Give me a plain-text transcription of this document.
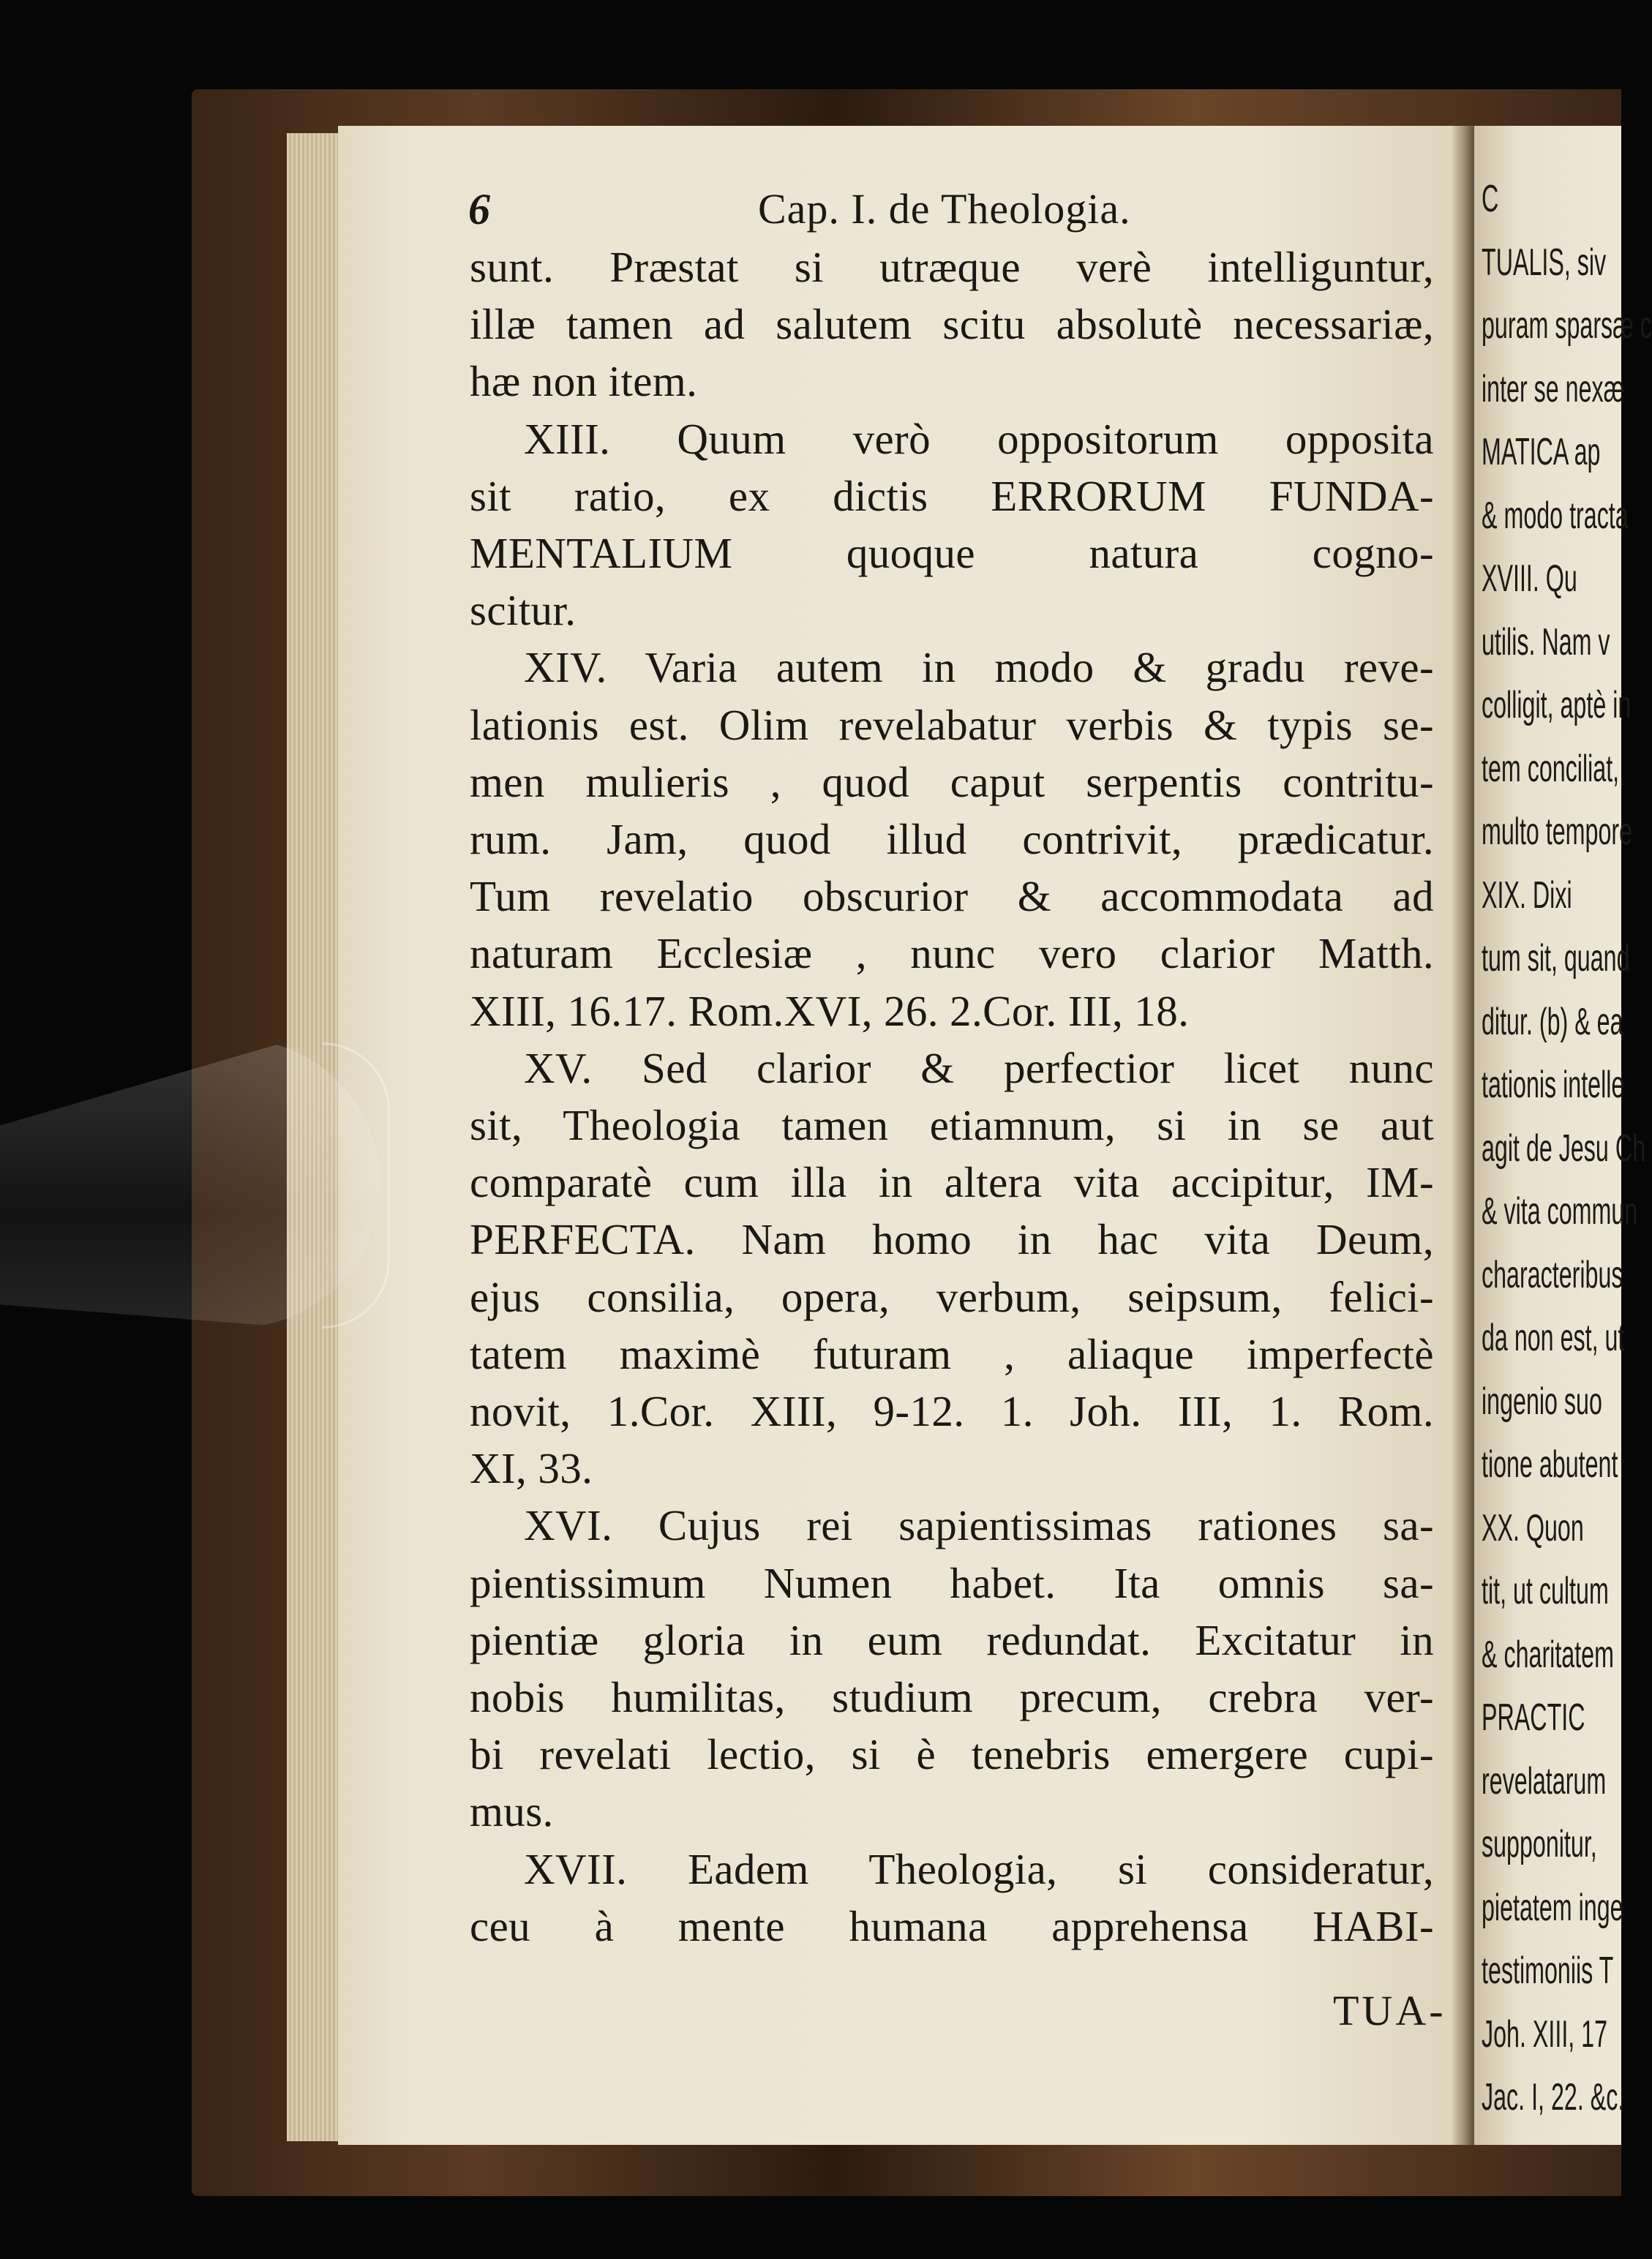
C
TUALIS, siv
puram sparsæ c
inter se nexæ
MATICA ap
& modo tracta
XVIII. Qu
utilis. Nam v
colligit, aptè in
tem conciliat,
multo tempore
XIX. Dixi
tum sit, quand
ditur. (b) & ea
tationis intelle
agit de Jesu Ch
& vita commun
characteribus
da non est, ut
ingenio suo
tione abutent
XX. Quon
tit, ut cultum
& charitatem
PRACTIC
revelatarum
supponitur,
pietatem inge
testimoniis T
Joh. XIII, 17
Jac. I, 22. &c.
6	Cap. I. de Theologia.
sunt. Præstat si utræque verè intelliguntur,
illæ tamen ad salutem scitu absolutè necessariæ,
hæ non item.
XIII. Quum verò oppositorum opposita
sit ratio, ex dictis ERRORUM FUNDA-
MENTALIUM quoque natura cogno-
scitur.
XIV. Varia autem in modo & gradu reve-
lationis est. Olim revelabatur verbis & typis se-
men mulieris , quod caput serpentis contritu-
rum. Jam, quod illud contrivit, prædicatur.
Tum revelatio obscurior & accommodata ad
naturam Ecclesiæ , nunc vero clarior Matth.
XIII, 16.17. Rom.XVI, 26. 2.Cor. III, 18.
XV. Sed clarior & perfectior licet nunc
sit, Theologia tamen etiamnum, si in se aut
comparatè cum illa in altera vita accipitur, IM-
PERFECTA. Nam homo in hac vita Deum,
ejus consilia, opera, verbum, seipsum, felici-
tatem maximè futuram , aliaque imperfectè
novit, 1.Cor. XIII, 9-12. 1. Joh. III, 1. Rom.
XI, 33.
XVI. Cujus rei sapientissimas rationes sa-
pientissimum Numen habet. Ita omnis sa-
pientiæ gloria in eum redundat. Excitatur in
nobis humilitas, studium precum, crebra ver-
bi revelati lectio, si è tenebris emergere cupi-
mus.
XVII. Eadem Theologia, si consideratur,
ceu à mente humana apprehensa HABI-
TUA-
